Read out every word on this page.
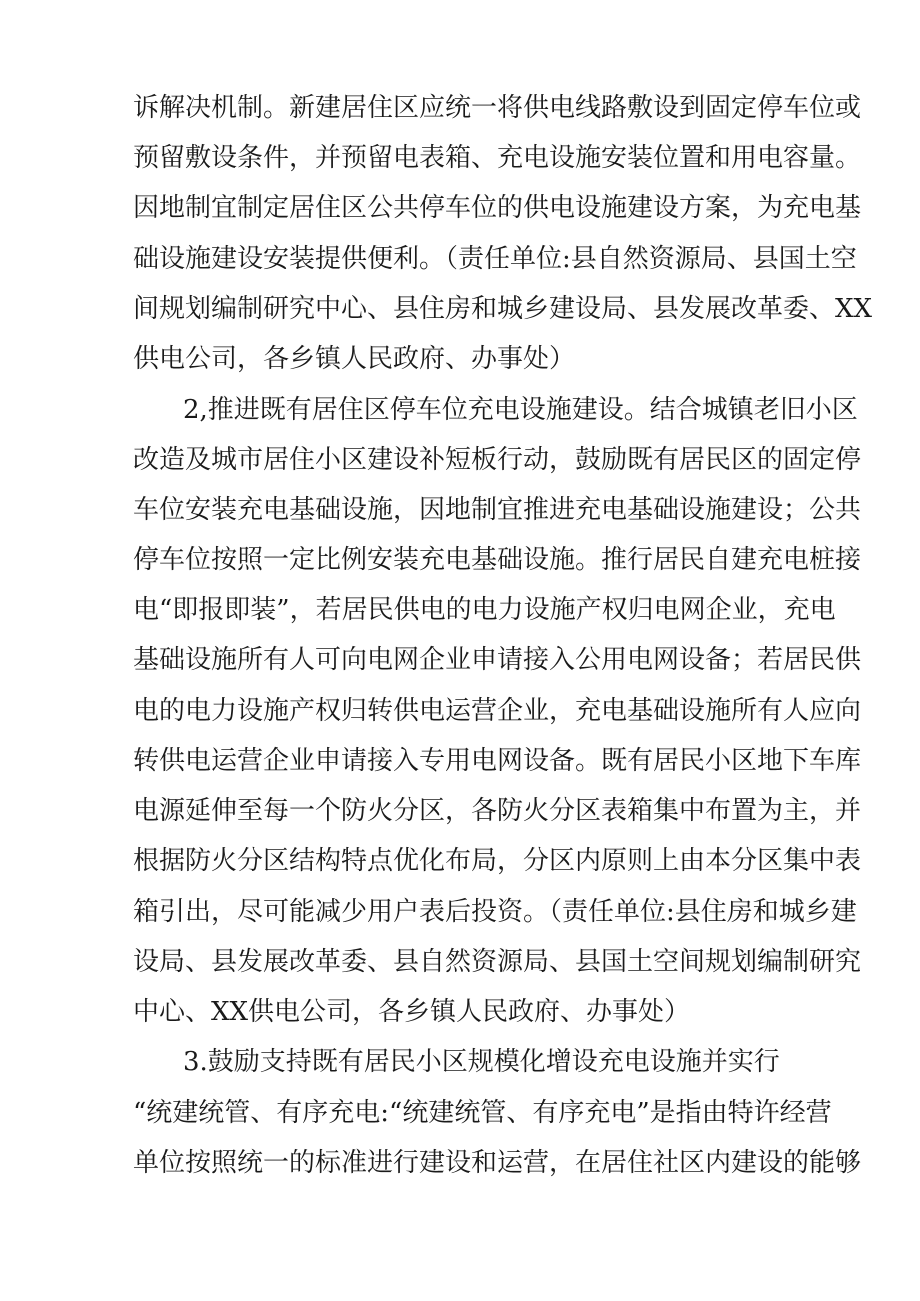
诉解决机制。新建居住区应统一将供电线路敷设到固定停车位或
预留敷设条件，并预留电表箱、充电设施安装位置和用电容量。
因地制宜制定居住区公共停车位的供电设施建设方案，为充电基
础设施建设安装提供便利。（责任单位:县自然资源局、县国土空
间规划编制研究中心、县住房和城乡建设局、县发展改革委、XX
供电公司，各乡镇人民政府、办事处）
2,推进既有居住区停车位充电设施建设。结合城镇老旧小区
改造及城市居住小区建设补短板行动，鼓励既有居民区的固定停
车位安装充电基础设施，因地制宜推进充电基础设施建设；公共
停车位按照一定比例安装充电基础设施。推行居民自建充电桩接
电“即报即装”，若居民供电的电力设施产权归电网企业，充电
基础设施所有人可向电网企业申请接入公用电网设备；若居民供
电的电力设施产权归转供电运营企业，充电基础设施所有人应向
转供电运营企业申请接入专用电网设备。既有居民小区地下车库
电源延伸至每一个防火分区，各防火分区表箱集中布置为主，并
根据防火分区结构特点优化布局，分区内原则上由本分区集中表
箱引出，尽可能减少用户表后投资。（责任单位:县住房和城乡建
设局、县发展改革委、县自然资源局、县国土空间规划编制研究
中心、XX供电公司，各乡镇人民政府、办事处）
3.鼓励支持既有居民小区规模化增设充电设施并实行
“统建统管、有序充电:“统建统管、有序充电”是指由特许经营
单位按照统一的标准进行建设和运营，在居住社区内建设的能够
